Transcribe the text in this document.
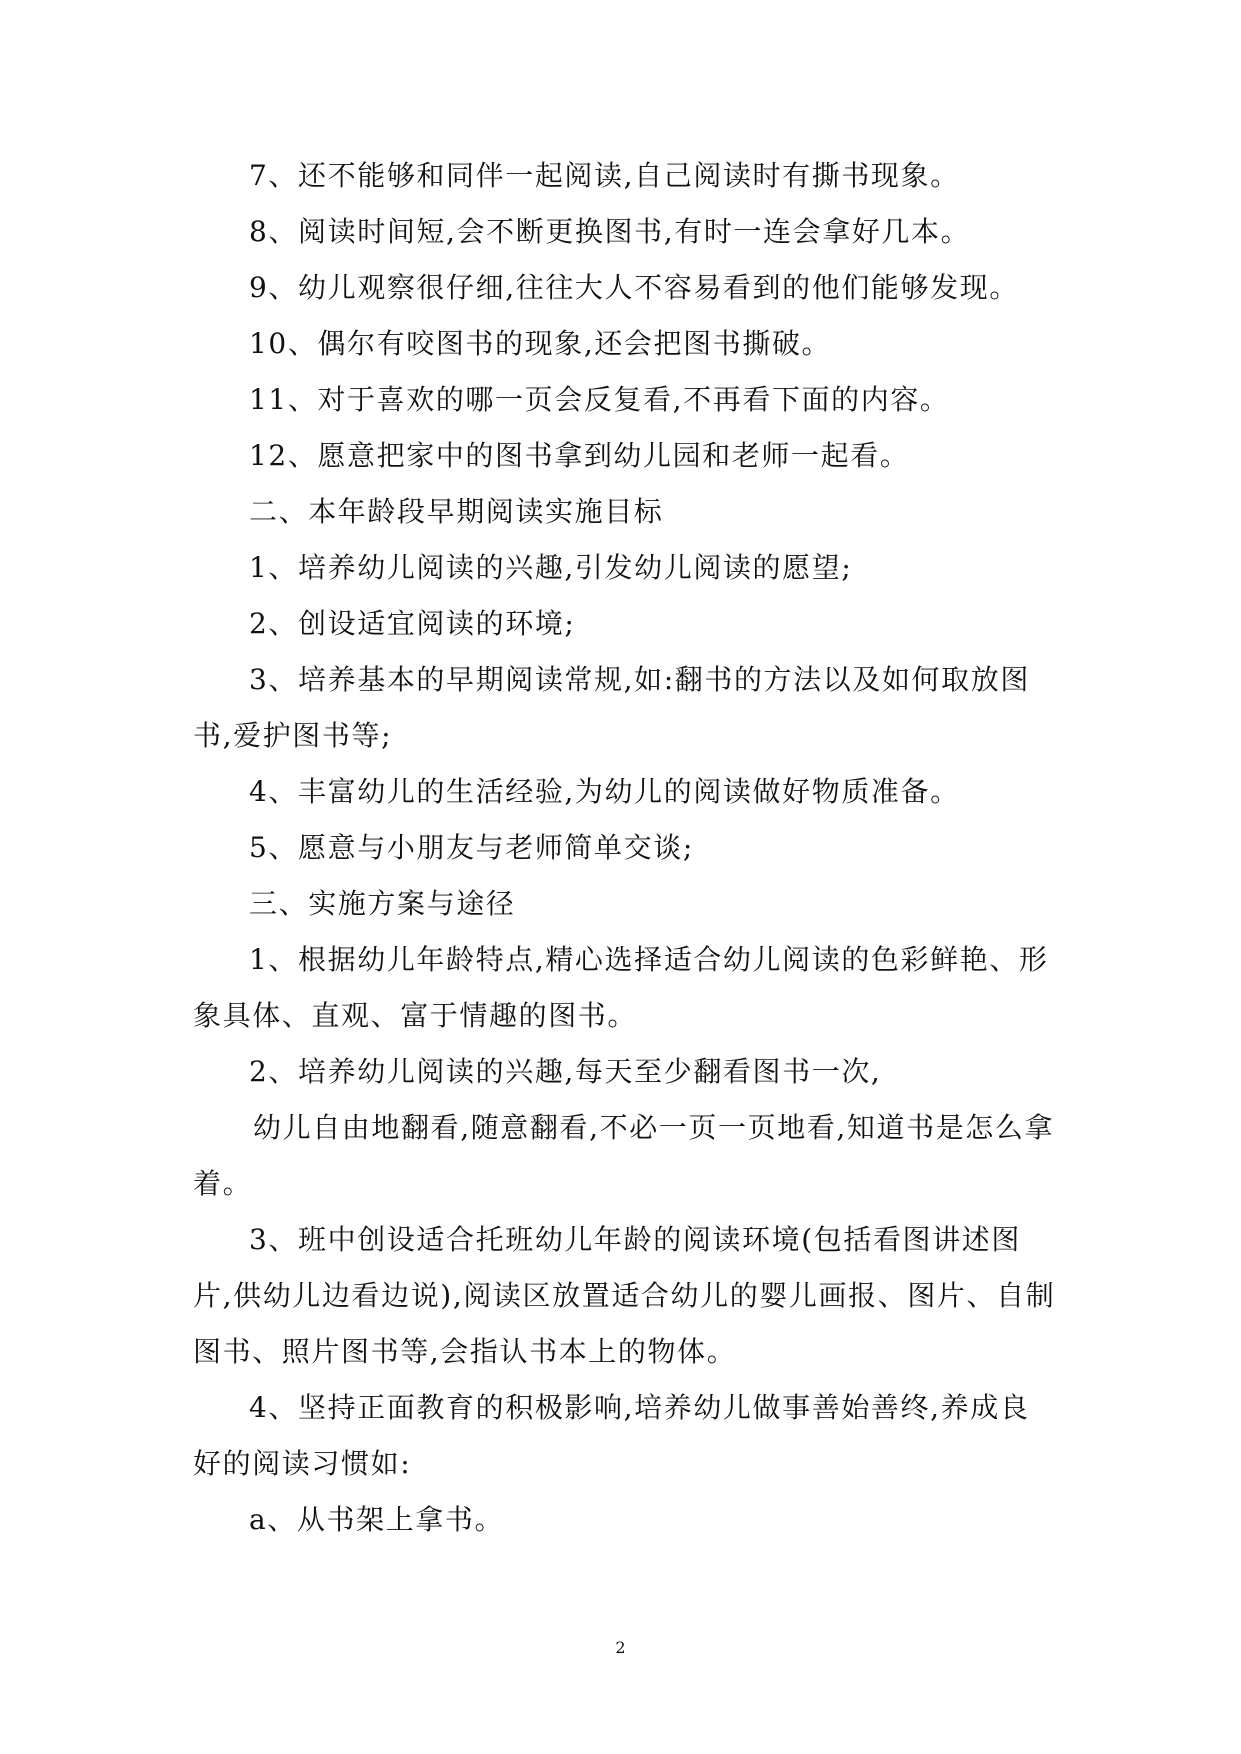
7、还不能够和同伴一起阅读,自己阅读时有撕书现象。

8、阅读时间短,会不断更换图书,有时一连会拿好几本。

9、幼儿观察很仔细,往往大人不容易看到的他们能够发现。

10、偶尔有咬图书的现象,还会把图书撕破。

11、对于喜欢的哪一页会反复看,不再看下面的内容。

12、愿意把家中的图书拿到幼儿园和老师一起看。

二、本年龄段早期阅读实施目标

1、培养幼儿阅读的兴趣,引发幼儿阅读的愿望;

2、创设适宜阅读的环境;

3、培养基本的早期阅读常规,如:翻书的方法以及如何取放图书,爱护图书等;

4、丰富幼儿的生活经验,为幼儿的阅读做好物质准备。

5、愿意与小朋友与老师简单交谈;

三、实施方案与途径

1、根据幼儿年龄特点,精心选择适合幼儿阅读的色彩鲜艳、形象具体、直观、富于情趣的图书。

2、培养幼儿阅读的兴趣,每天至少翻看图书一次,

幼儿自由地翻看,随意翻看,不必一页一页地看,知道书是怎么拿着。

3、班中创设适合托班幼儿年龄的阅读环境(包括看图讲述图片,供幼儿边看边说),阅读区放置适合幼儿的婴儿画报、图片、自制图书、照片图书等,会指认书本上的物体。

4、坚持正面教育的积极影响,培养幼儿做事善始善终,养成良好的阅读习惯如:

a、从书架上拿书。

2
